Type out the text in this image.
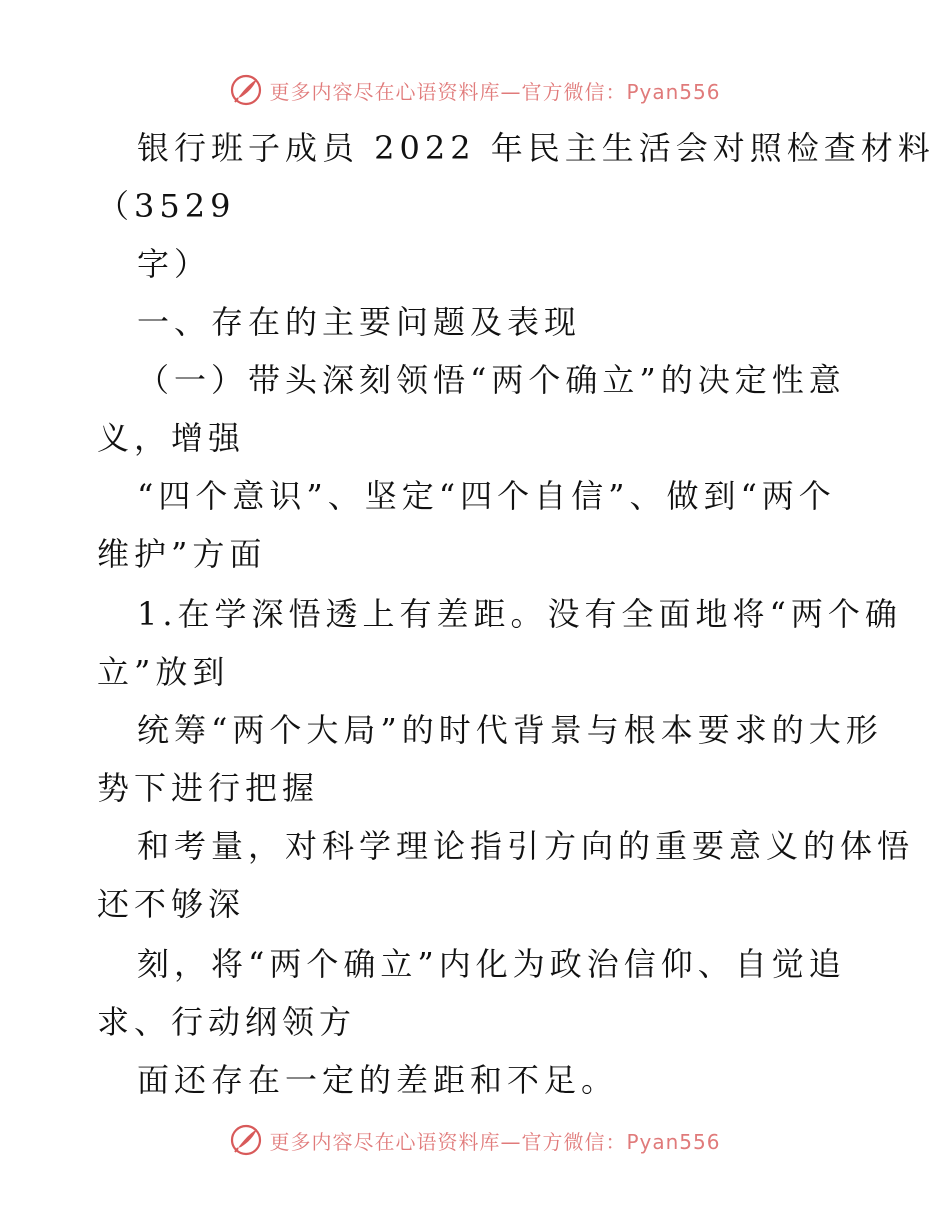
更多内容尽在心语资料库—官方微信：Pyan556
银行班子成员 2022 年民主生活会对照检查材料
（3529
字）
一、存在的主要问题及表现
（一）带头深刻领悟“两个确立”的决定性意
义，增强
“四个意识”、坚定“四个自信”、做到“两个
维护”方面
1.在学深悟透上有差距。没有全面地将“两个确
立”放到
统筹“两个大局”的时代背景与根本要求的大形
势下进行把握
和考量，对科学理论指引方向的重要意义的体悟
还不够深
刻，将“两个确立”内化为政治信仰、自觉追
求、行动纲领方
面还存在一定的差距和不足。
更多内容尽在心语资料库—官方微信：Pyan556
